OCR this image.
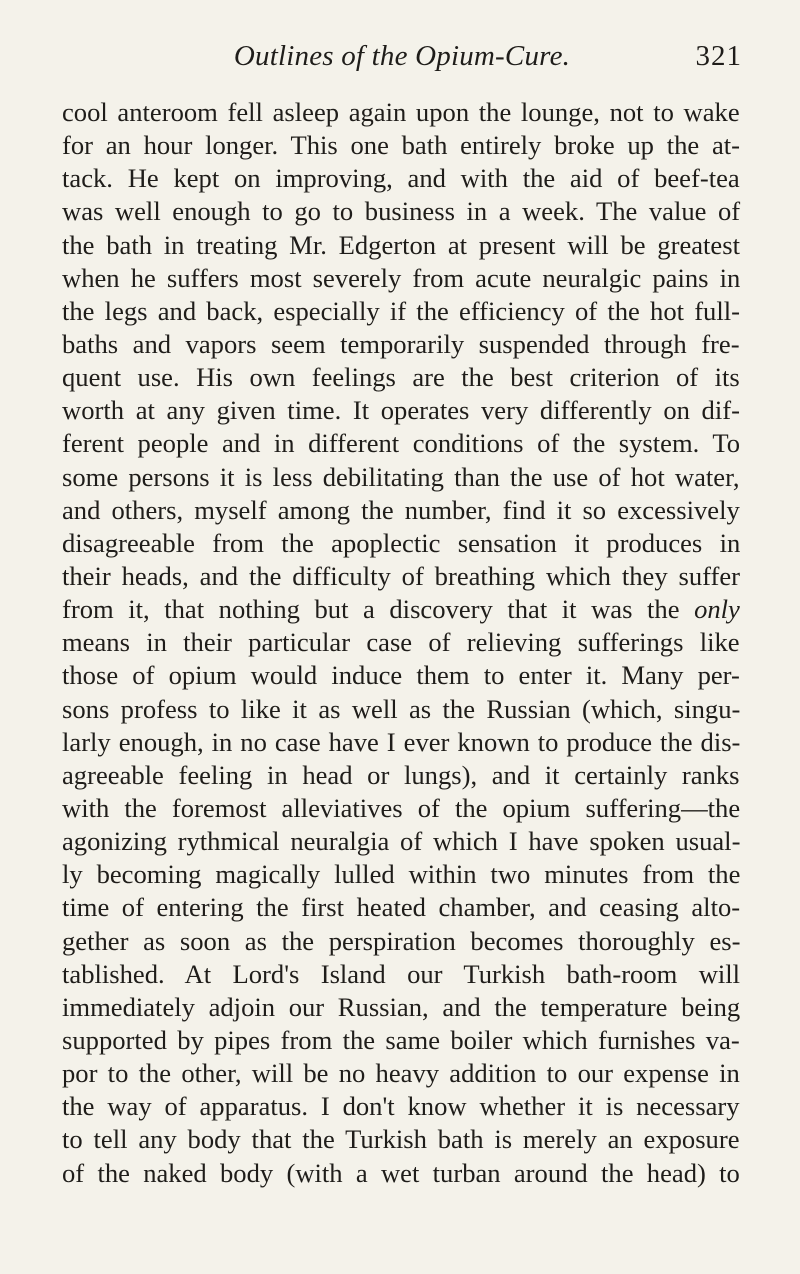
Outlines of the Opium-Cure.	321
cool anteroom fell asleep again upon the lounge, not to wake
for an hour longer. This one bath entirely broke up the at-
tack. He kept on improving, and with the aid of beef-tea
was well enough to go to business in a week. The value of
the bath in treating Mr. Edgerton at present will be greatest
when he suffers most severely from acute neuralgic pains in
the legs and back, especially if the efficiency of the hot full-
baths and vapors seem temporarily suspended through fre-
quent use. His own feelings are the best criterion of its
worth at any given time. It operates very differently on dif-
ferent people and in different conditions of the system. To
some persons it is less debilitating than the use of hot water,
and others, myself among the number, find it so excessively
disagreeable from the apoplectic sensation it produces in
their heads, and the difficulty of breathing which they suffer
from it, that nothing but a discovery that it was the only
means in their particular case of relieving sufferings like
those of opium would induce them to enter it. Many per-
sons profess to like it as well as the Russian (which, singu-
larly enough, in no case have I ever known to produce the dis-
agreeable feeling in head or lungs), and it certainly ranks
with the foremost alleviatives of the opium suffering—the
agonizing rythmical neuralgia of which I have spoken usual-
ly becoming magically lulled within two minutes from the
time of entering the first heated chamber, and ceasing alto-
gether as soon as the perspiration becomes thoroughly es-
tablished. At Lord's Island our Turkish bath-room will
immediately adjoin our Russian, and the temperature being
supported by pipes from the same boiler which furnishes va-
por to the other, will be no heavy addition to our expense in
the way of apparatus. I don't know whether it is necessary
to tell any body that the Turkish bath is merely an exposure
of the naked body (with a wet turban around the head) to
